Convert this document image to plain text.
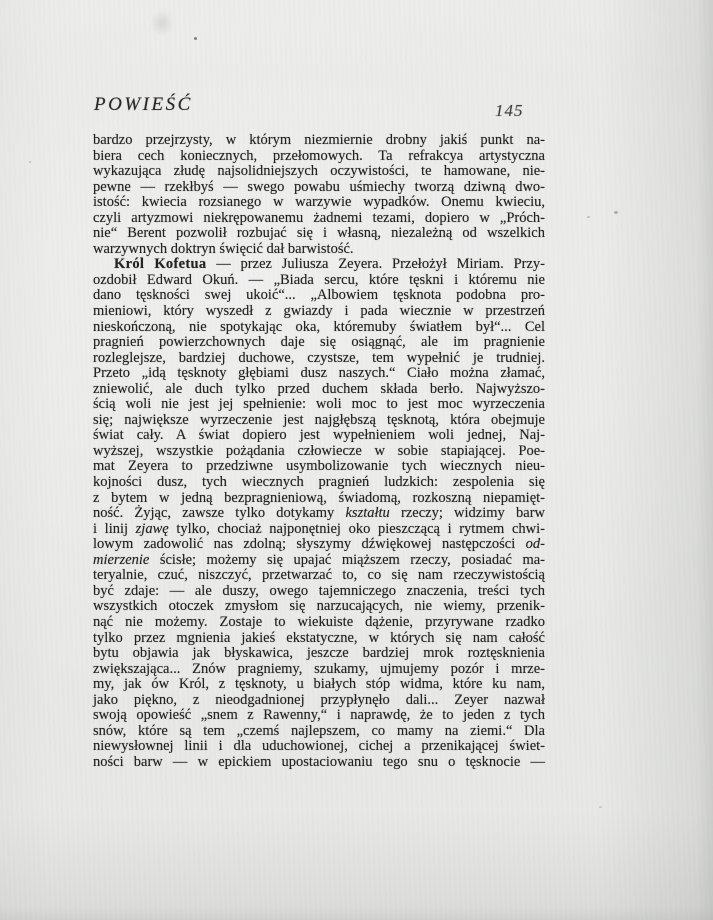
POWIEŚĆ	145
bardzo przejrzysty, w którym niezmiernie drobny jakiś punkt na-
biera cech koniecznych, przełomowych. Ta refrakcya artystyczna
wykazująca złudę najsolidniejszych oczywistości, te hamowane, nie-
pewne — rzekłbyś — swego powabu uśmiechy tworzą dziwną dwo-
istość: kwiecia rozsianego w warzywie wypadków. Onemu kwieciu,
czyli artyzmowi niekrępowanemu żadnemi tezami, dopiero w „Próch-
nie“ Berent pozwolił rozbujać się i własną, niezależną od wszelkich
warzywnych doktryn święcić dał barwistość.
Król Kofetua — przez Juliusza Zeyera. Przełożył Miriam. Przy-
ozdobił Edward Okuń. — „Biada sercu, które tęskni i któremu nie
dano tęskności swej ukoić“... „Albowiem tęsknota podobna pro-
mieniowi, który wyszedł z gwiazdy i pada wiecznie w przestrzeń
nieskończoną, nie spotykając oka, któremuby światłem był“... Cel
pragnień powierzchownych daje się osiągnąć, ale im pragnienie
rozleglejsze, bardziej duchowe, czystsze, tem wypełnić je trudniej.
Przeto „idą tęsknoty głębiami dusz naszych.“ Ciało można złamać,
zniewolić, ale duch tylko przed duchem składa berło. Najwyższo-
ścią woli nie jest jej spełnienie: woli moc to jest moc wyrzeczenia
się; największe wyrzeczenie jest najgłębszą tęsknotą, która obejmuje
świat cały. A świat dopiero jest wypełnieniem woli jednej, Naj-
wyższej, wszystkie pożądania człowiecze w sobie stapiającej. Poe-
mat Zeyera to przedziwne usymbolizowanie tych wiecznych nieu-
kojności dusz, tych wiecznych pragnień ludzkich: zespolenia się
z bytem w jedną bezpragnieniową, świadomą, rozkoszną niepamięt-
ność. Żyjąc, zawsze tylko dotykamy kształtu rzeczy; widzimy barw
i linij zjawę tylko, chociaż najponętniej oko pieszczącą i rytmem chwi-
lowym zadowolić nas zdolną; słyszymy dźwiękowej następczości od-
mierzenie ścisłe; możemy się upajać miąższem rzeczy, posiadać ma-
teryalnie, czuć, niszczyć, przetwarzać to, co się nam rzeczywistością
być zdaje: — ale duszy, owego tajemniczego znaczenia, treści tych
wszystkich otoczek zmysłom się narzucających, nie wiemy, przenik-
nąć nie możemy. Zostaje to wiekuiste dążenie, przyrywane rzadko
tylko przez mgnienia jakieś ekstatyczne, w których się nam całość
bytu objawia jak błyskawica, jeszcze bardziej mrok roztęsknienia
zwiększająca... Znów pragniemy, szukamy, ujmujemy pozór i mrze-
my, jak ów Król, z tęsknoty, u białych stóp widma, które ku nam,
jako piękno, z nieodgadnionej przypłynęło dali... Zeyer nazwał
swoją opowieść „snem z Rawenny,“ i naprawdę, że to jeden z tych
snów, które są tem „czemś najlepszem, co mamy na ziemi.“ Dla
niewysłownej linii i dla uduchowionej, cichej a przenikającej świet-
ności barw — w epickiem upostaciowaniu tego snu o tęsknocie —
